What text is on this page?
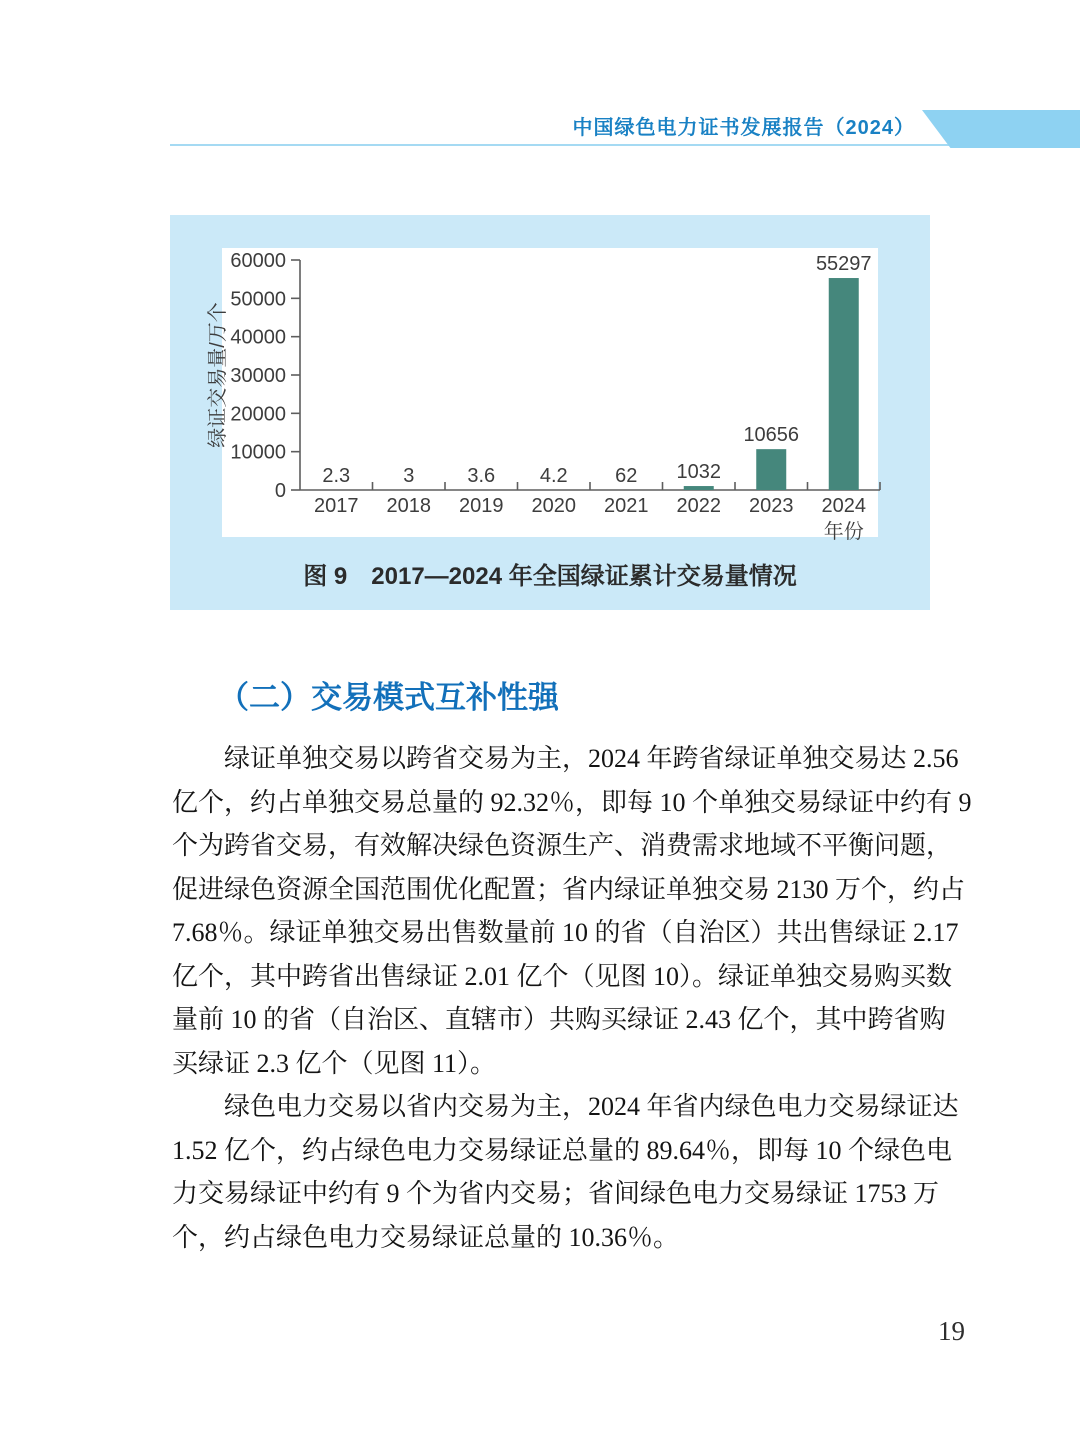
中国绿色电力证书发展报告（2024）
0
10000
20000
30000
40000
50000
60000
2.3
2017
3
2018
3.6
2019
4.2
2020
62
2021
1032
2022
10656
2023
55297
2024
年份
绿证交易量/万个
图 9　2017—2024 年全国绿证累计交易量情况
（二）交易模式互补性强
绿证单独交易以跨省交易为主，2024 年跨省绿证单独交易达 2.56
亿个，约占单独交易总量的 92.32％，即每 10 个单独交易绿证中约有 9
个为跨省交易，有效解决绿色资源生产、消费需求地域不平衡问题，
促进绿色资源全国范围优化配置；省内绿证单独交易 2130 万个，约占
7.68％。绿证单独交易出售数量前 10 的省（自治区）共出售绿证 2.17
亿个，其中跨省出售绿证 2.01 亿个（见图 10）。绿证单独交易购买数
量前 10 的省（自治区、直辖市）共购买绿证 2.43 亿个，其中跨省购
买绿证 2.3 亿个（见图 11）。
绿色电力交易以省内交易为主，2024 年省内绿色电力交易绿证达
1.52 亿个，约占绿色电力交易绿证总量的 89.64％，即每 10 个绿色电
力交易绿证中约有 9 个为省内交易；省间绿色电力交易绿证 1753 万
个，约占绿色电力交易绿证总量的 10.36％。
19
